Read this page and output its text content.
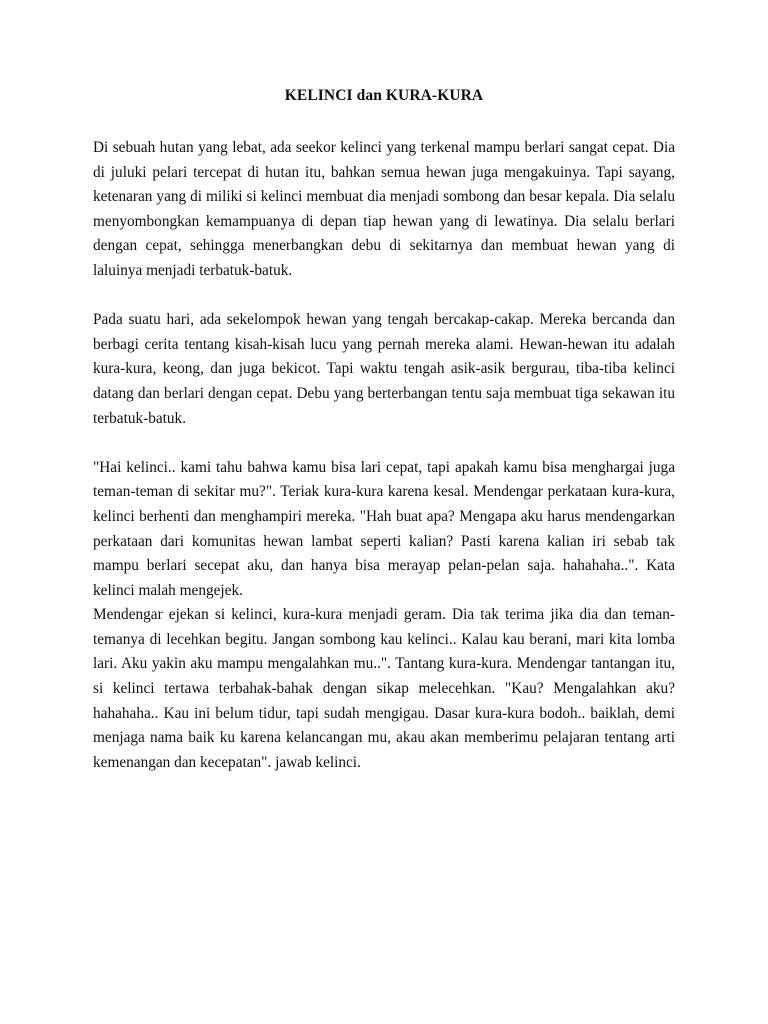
KELINCI dan KURA-KURA

Di sebuah hutan yang lebat, ada seekor kelinci yang terkenal mampu berlari sangat cepat. Dia di juluki pelari tercepat di hutan itu, bahkan semua hewan juga mengakuinya. Tapi sayang, ketenaran yang di miliki si kelinci membuat dia menjadi sombong dan besar kepala. Dia selalu menyombongkan kemampuanya di depan tiap hewan yang di lewatinya. Dia selalu berlari dengan cepat, sehingga menerbangkan debu di sekitarnya dan membuat hewan yang di laluinya menjadi terbatuk-batuk.

Pada suatu hari, ada sekelompok hewan yang tengah bercakap-cakap. Mereka bercanda dan berbagi cerita tentang kisah-kisah lucu yang pernah mereka alami. Hewan-hewan itu adalah kura-kura, keong, dan juga bekicot. Tapi waktu tengah asik-asik bergurau, tiba-tiba kelinci datang dan berlari dengan cepat. Debu yang berterbangan tentu saja membuat tiga sekawan itu terbatuk-batuk.

"Hai kelinci.. kami tahu bahwa kamu bisa lari cepat, tapi apakah kamu bisa menghargai juga teman-teman di sekitar mu?". Teriak kura-kura karena kesal. Mendengar perkataan kura-kura, kelinci berhenti dan menghampiri mereka. "Hah buat apa? Mengapa aku harus mendengarkan perkataan dari komunitas hewan lambat seperti kalian? Pasti karena kalian iri sebab tak mampu berlari secepat aku, dan hanya bisa merayap pelan-pelan saja. hahahaha..". Kata kelinci malah mengejek.

Mendengar ejekan si kelinci, kura-kura menjadi geram. Dia tak terima jika dia dan teman-temanya di lecehkan begitu. Jangan sombong kau kelinci.. Kalau kau berani, mari kita lomba lari. Aku yakin aku mampu mengalahkan mu..". Tantang kura-kura. Mendengar tantangan itu, si kelinci tertawa terbahak-bahak dengan sikap melecehkan. "Kau? Mengalahkan aku? hahahaha.. Kau ini belum tidur, tapi sudah mengigau. Dasar kura-kura bodoh.. baiklah, demi menjaga nama baik ku karena kelancangan mu, akau akan memberimu pelajaran tentang arti kemenangan dan kecepatan". jawab kelinci.
